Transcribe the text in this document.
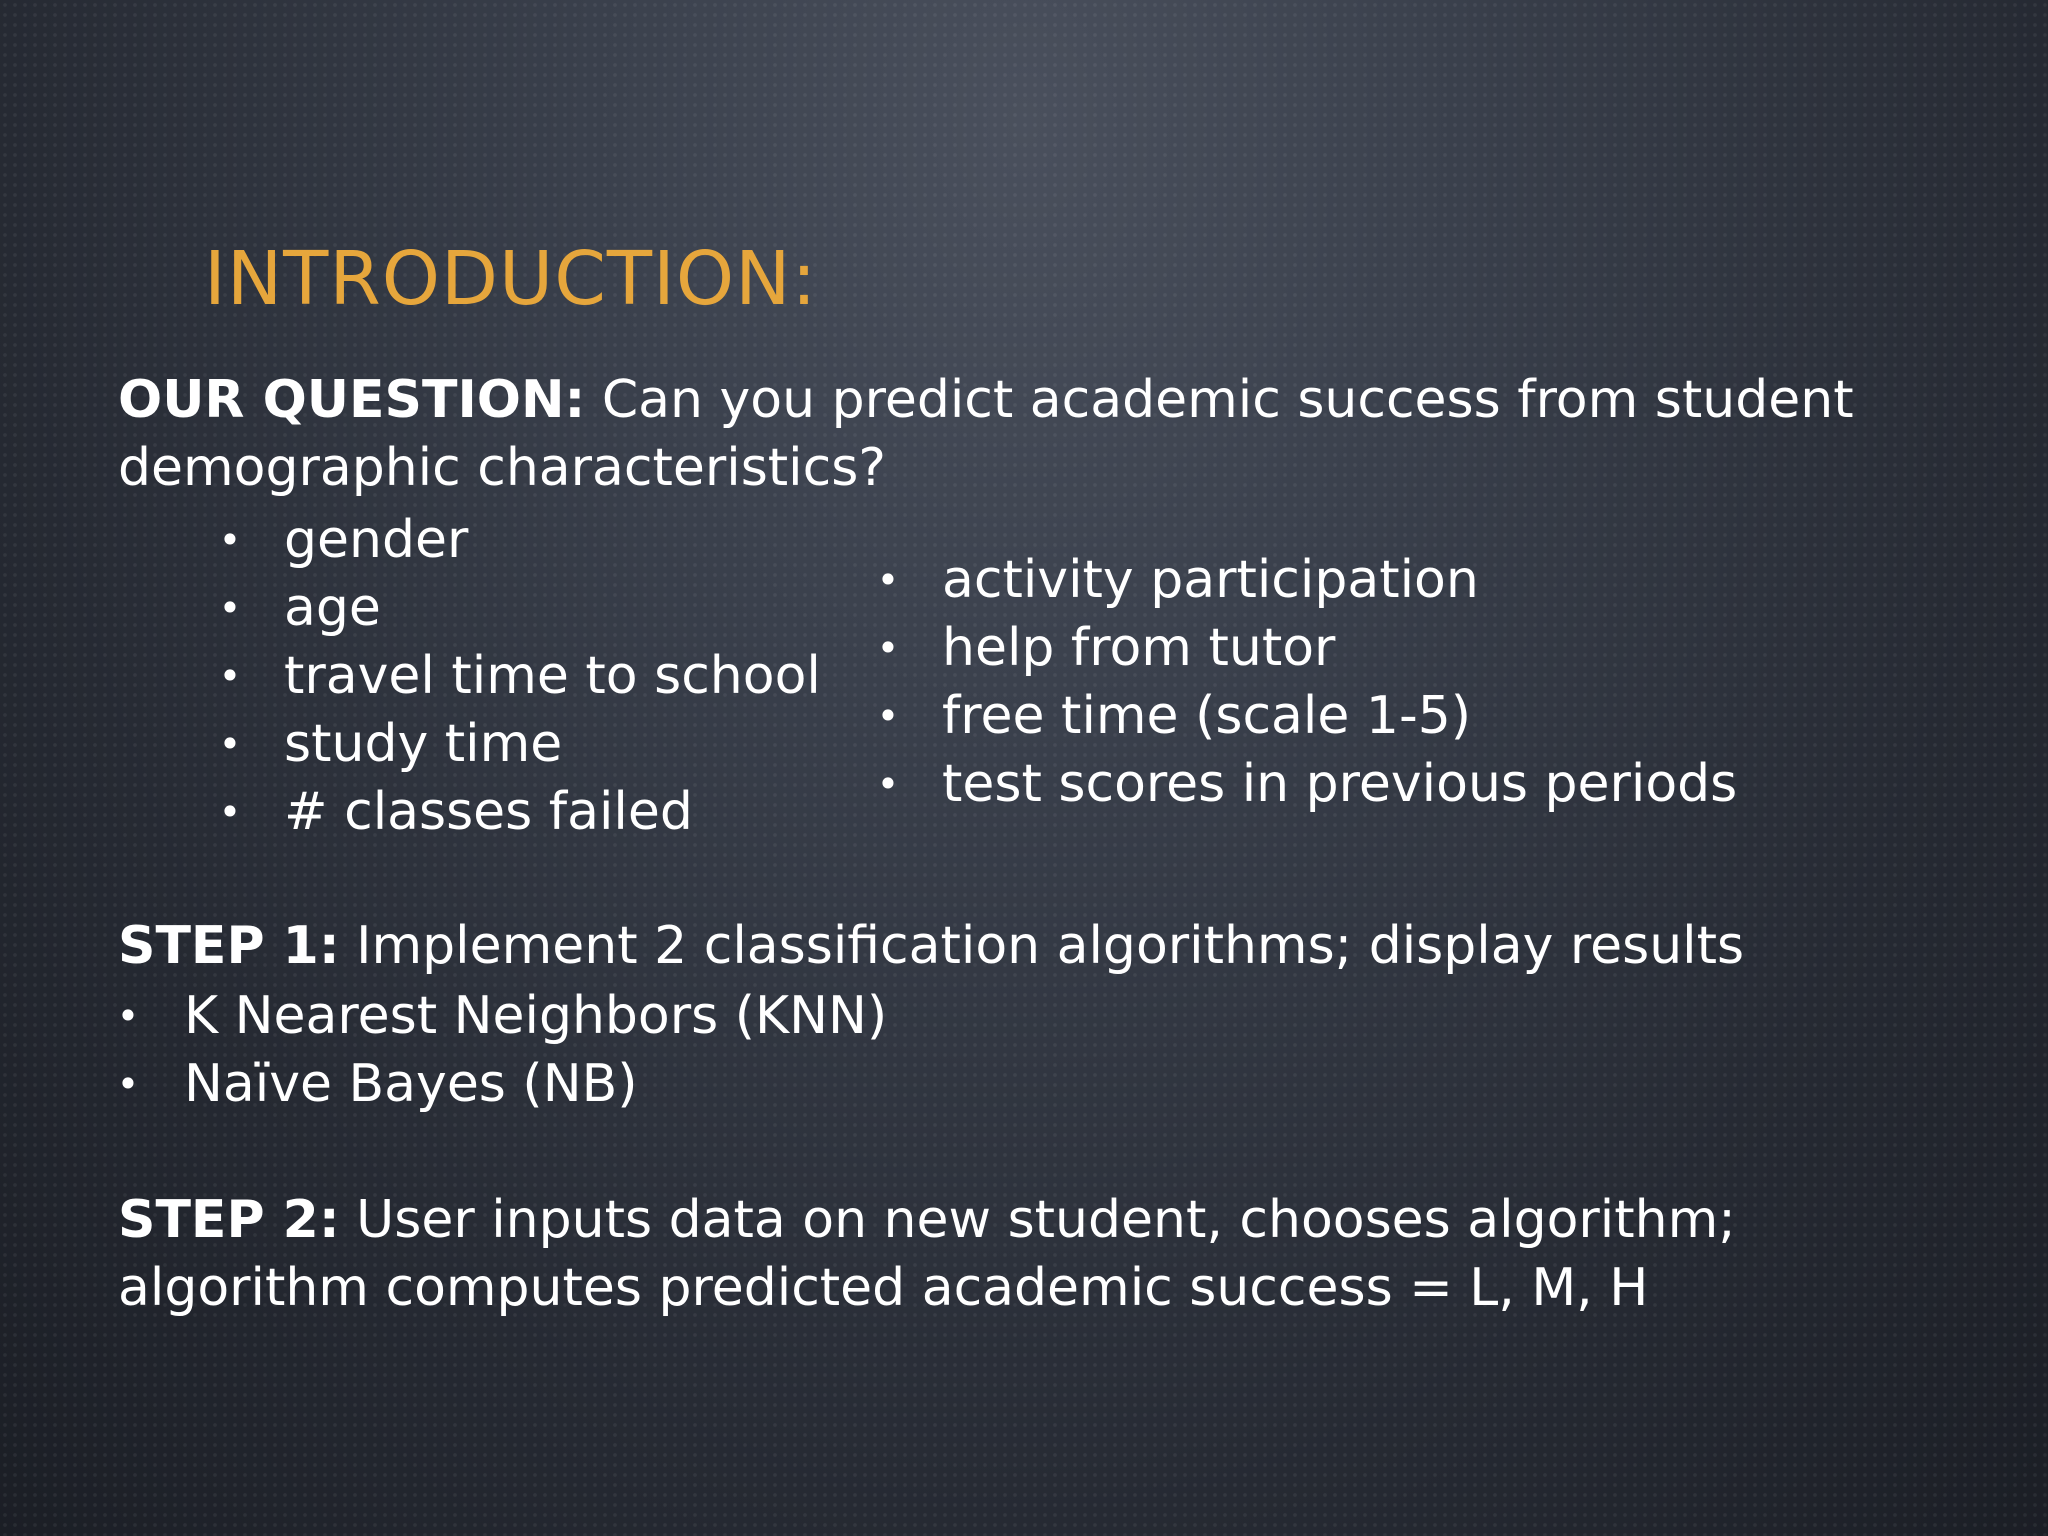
INTRODUCTION:
OUR QUESTION: Can you predict academic success from student
demographic characteristics?
• gender
• age
• travel time to school
• study time
• # classes failed
• activity participation
• help from tutor
• free time (scale 1-5)
• test scores in previous periods
STEP 1: Implement 2 classification algorithms; display results
• K Nearest Neighbors (KNN)
• Naïve Bayes (NB)
STEP 2: User inputs data on new student, chooses algorithm;
algorithm computes predicted academic success = L, M, H
